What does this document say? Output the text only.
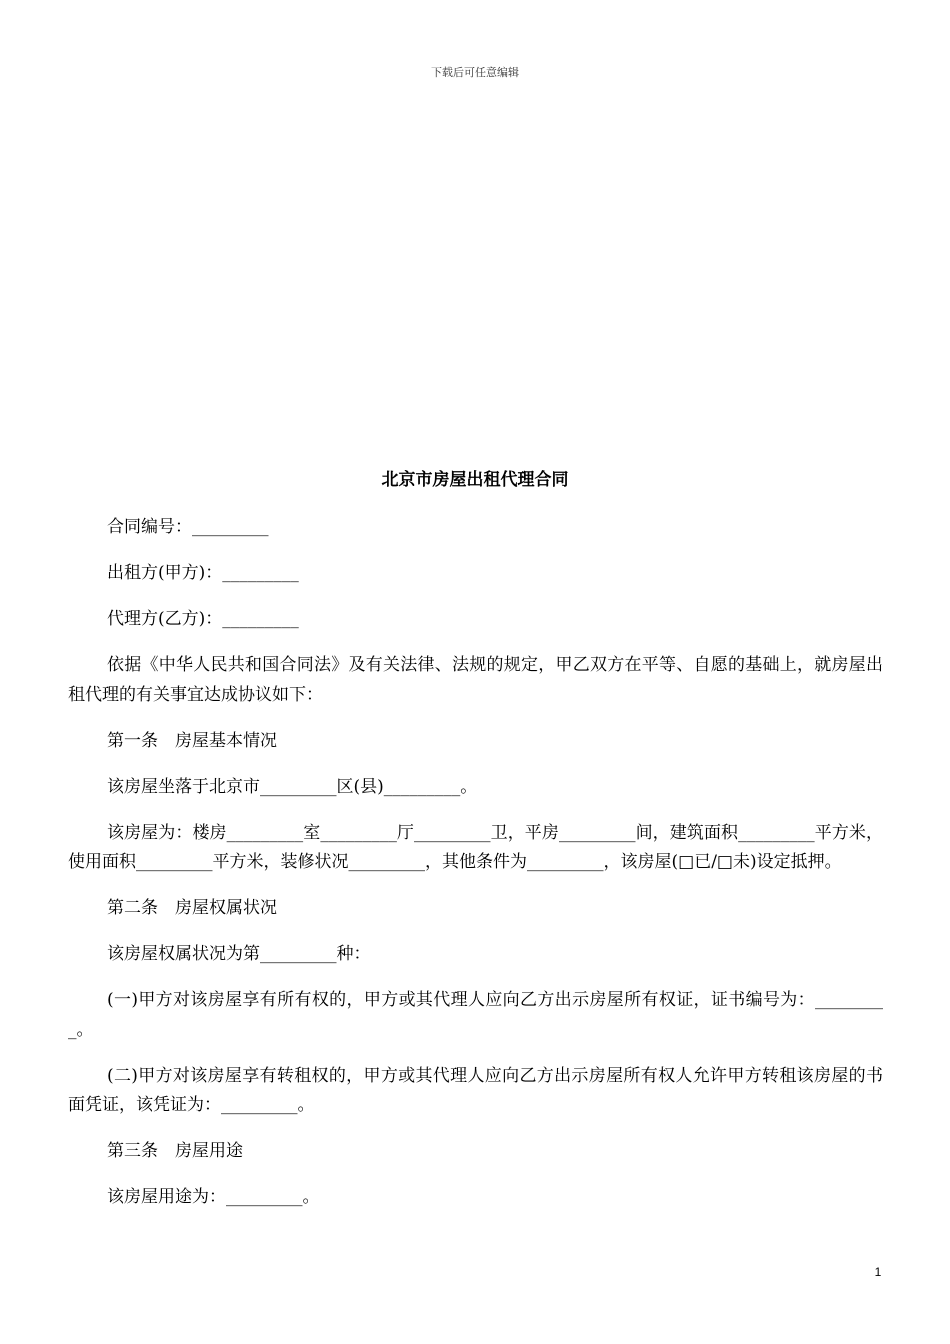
下载后可任意编辑
北京市房屋出租代理合同

合同编号：_________

出租方(甲方)：_________

代理方(乙方)：_________

依据《中华人民共和国合同法》及有关法律、法规的规定，甲乙双方在平等、自愿的基础上，就房屋出租代理的有关事宜达成协议如下：

第一条　房屋基本情况

该房屋坐落于北京市_________区(县)_________。

该房屋为：楼房_________室_________厅_________卫，平房_________间，建筑面积_________平方米，使用面积_________平方米，装修状况_________，其他条件为_________，该房屋(□已/□未)设定抵押。

第二条　房屋权属状况

该房屋权属状况为第_________种：

(一)甲方对该房屋享有所有权的，甲方或其代理人应向乙方出示房屋所有权证，证书编号为：_________。

(二)甲方对该房屋享有转租权的，甲方或其代理人应向乙方出示房屋所有权人允许甲方转租该房屋的书面凭证，该凭证为：_________。

第三条　房屋用途

该房屋用途为：_________。

1
